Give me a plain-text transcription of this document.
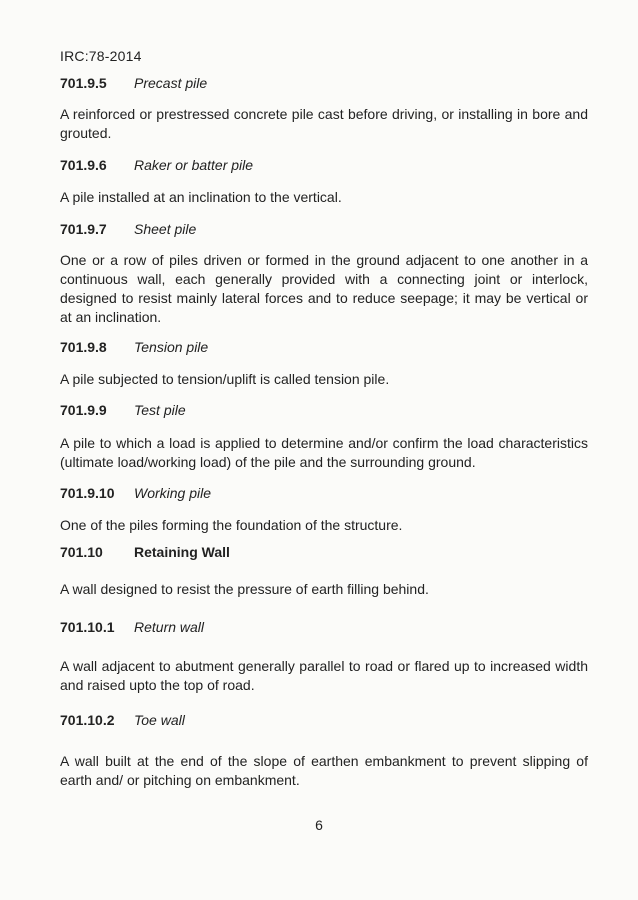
IRC:78-2014
701.9.5 Precast pile
A reinforced or prestressed concrete pile cast before driving, or installing in bore and grouted.
701.9.6 Raker or batter pile
A pile installed at an inclination to the vertical.
701.9.7 Sheet pile
One or a row of piles driven or formed in the ground adjacent to one another in a continuous wall, each generally provided with a connecting joint or interlock, designed to resist mainly lateral forces and to reduce seepage; it may be vertical or at an inclination.
701.9.8 Tension pile
A pile subjected to tension/uplift is called tension pile.
701.9.9 Test pile
A pile to which a load is applied to determine and/or confirm the load characteristics (ultimate load/working load) of the pile and the surrounding ground.
701.9.10 Working pile
One of the piles forming the foundation of the structure.
701.10 Retaining Wall
A wall designed to resist the pressure of earth filling behind.
701.10.1 Return wall
A wall adjacent to abutment generally parallel to road or flared up to increased width and raised upto the top of road.
701.10.2 Toe wall
A wall built at the end of the slope of earthen embankment to prevent slipping of earth and/ or pitching on embankment.
6
